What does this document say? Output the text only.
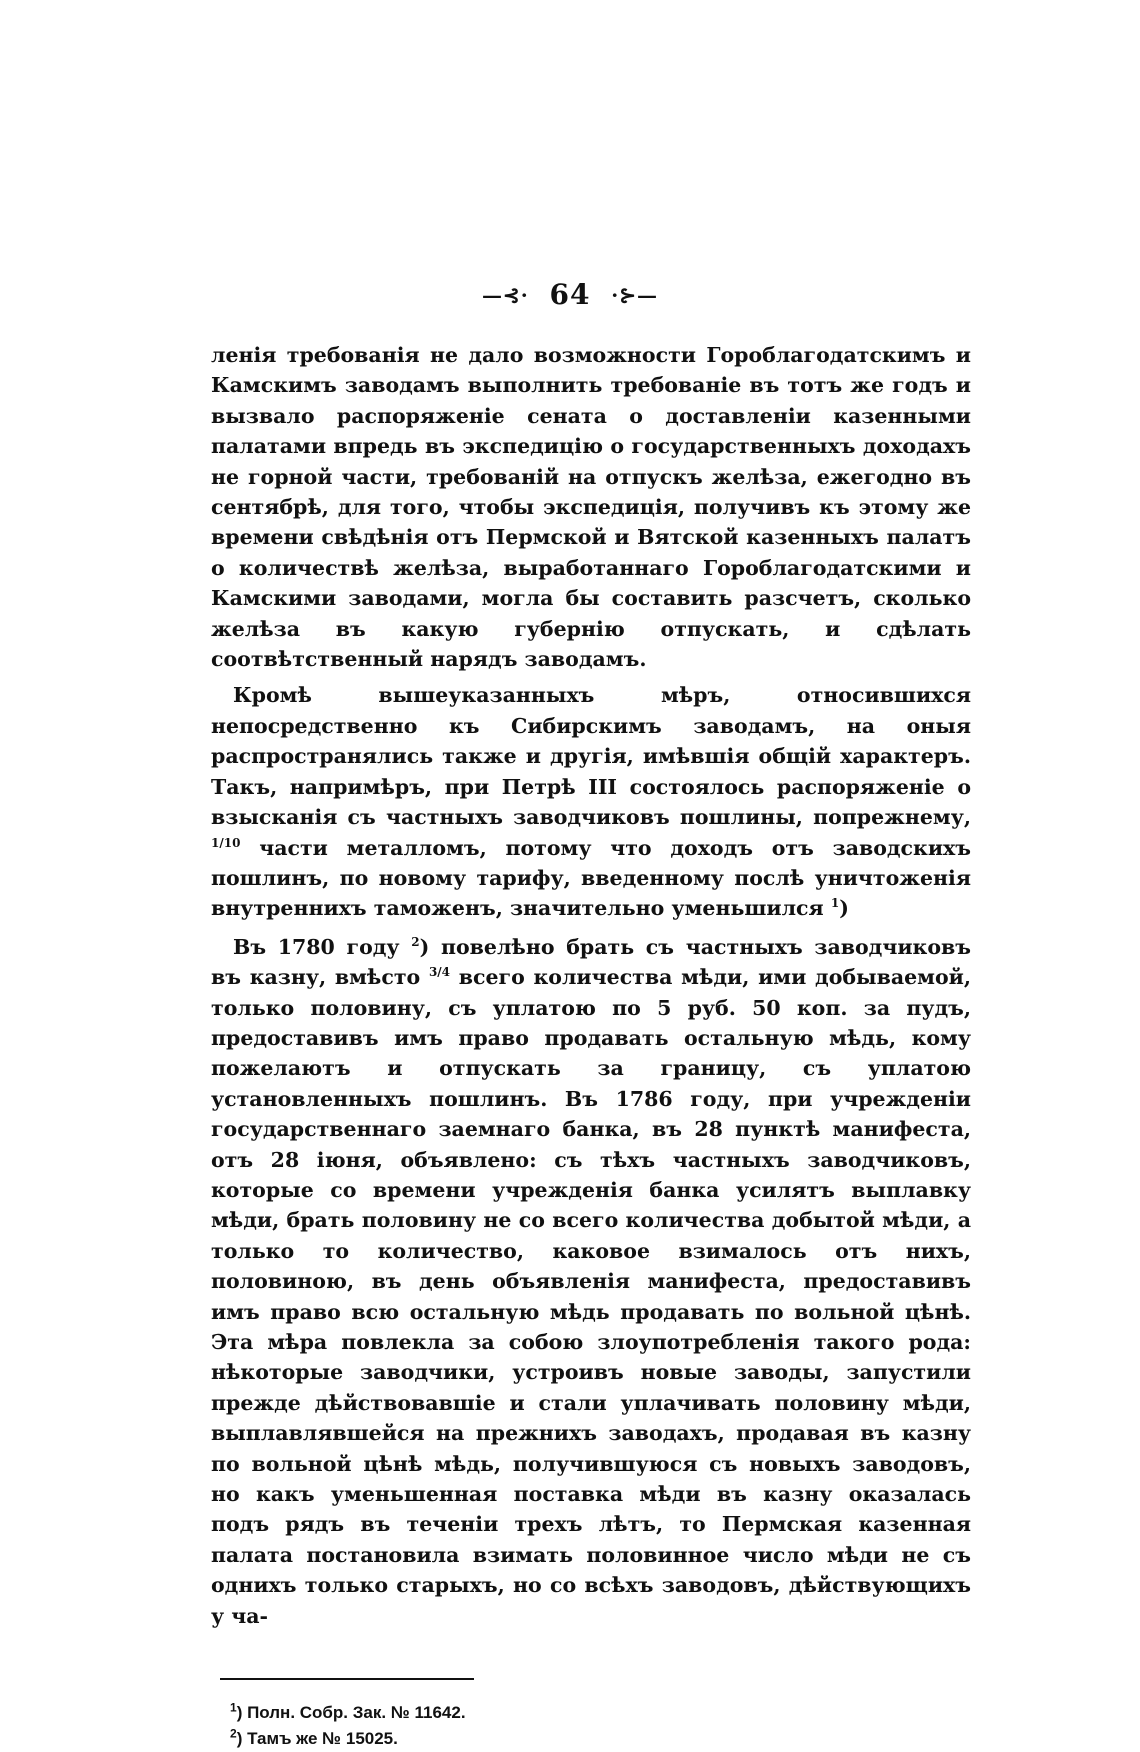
—⊰· 64 ·⊱—

ленія требованія не дало возможности Гороблагодатскимъ и Камскимъ заводамъ выполнить требованіе въ тотъ же годъ и вызвало распоряженіе сената о доставленіи казенными палатами впредь въ экспедицію о государственныхъ доходахъ не горной части, требованій на отпускъ желѣза, ежегодно въ сентябрѣ, для того, чтобы экспедиція, получивъ къ этому же времени свѣдѣнія отъ Пермской и Вятской казенныхъ палатъ о количествѣ желѣза, выработаннаго Гороблагодатскими и Камскими заводами, могла бы составить разсчетъ, сколько желѣза въ какую губернію отпускать, и сдѣлать соотвѣтственный нарядъ заводамъ.

Кромѣ вышеуказанныхъ мѣръ, относившихся непосредственно къ Сибирскимъ заводамъ, на оныя распространялись также и другія, имѣвшія общій характеръ. Такъ, напримѣръ, при Петрѣ III состоялось распоряженіе о взысканія съ частныхъ заводчиковъ пошлины, попрежнему, $^{1/10}$ части металломъ, потому что доходъ отъ заводскихъ пошлинъ, по новому тарифу, введенному послѣ уничтоженія внутреннихъ таможенъ, значительно уменьшился $^1$)

Въ 1780 году $^2$) повелѣно брать съ частныхъ заводчиковъ въ казну, вмѣсто $^{3/4}$ всего количества мѣди, ими добываемой, только половину, съ уплатою по 5 руб. 50 коп. за пудъ, предоставивъ имъ право продавать остальную мѣдь, кому пожелаютъ и отпускать за границу, съ уплатою установленныхъ пошлинъ. Въ 1786 году, при учрежденіи государственнаго заемнаго банка, въ 28 пунктѣ манифеста, отъ 28 іюня, объявлено: съ тѣхъ частныхъ заводчиковъ, которые со времени учрежденія банка усилятъ выплавку мѣди, брать половину не со всего количества добытой мѣди, а только то количество, каковое взималось отъ нихъ, половиною, въ день объявленія манифеста, предоставивъ имъ право всю остальную мѣдь продавать по вольной цѣнѣ. Эта мѣра повлекла за собою злоупотребленія такого рода: нѣкоторые заводчики, устроивъ новые заводы, запустили прежде дѣйствовавшіе и стали уплачивать половину мѣди, выплавлявшейся на прежнихъ заводахъ, продавая въ казну по вольной цѣнѣ мѣдь, получившуюся съ новыхъ заводовъ, но какъ уменьшенная поставка мѣди въ казну оказалась подъ рядъ въ теченіи трехъ лѣтъ, то Пермская казенная палата постановила взимать половинное число мѣди не съ однихъ только старыхъ, но со всѣхъ заводовъ, дѣйствующихъ у ча-

$^1$) Полн. Собр. Зак. № 11642.
$^2$) Тамъ же № 15025.
